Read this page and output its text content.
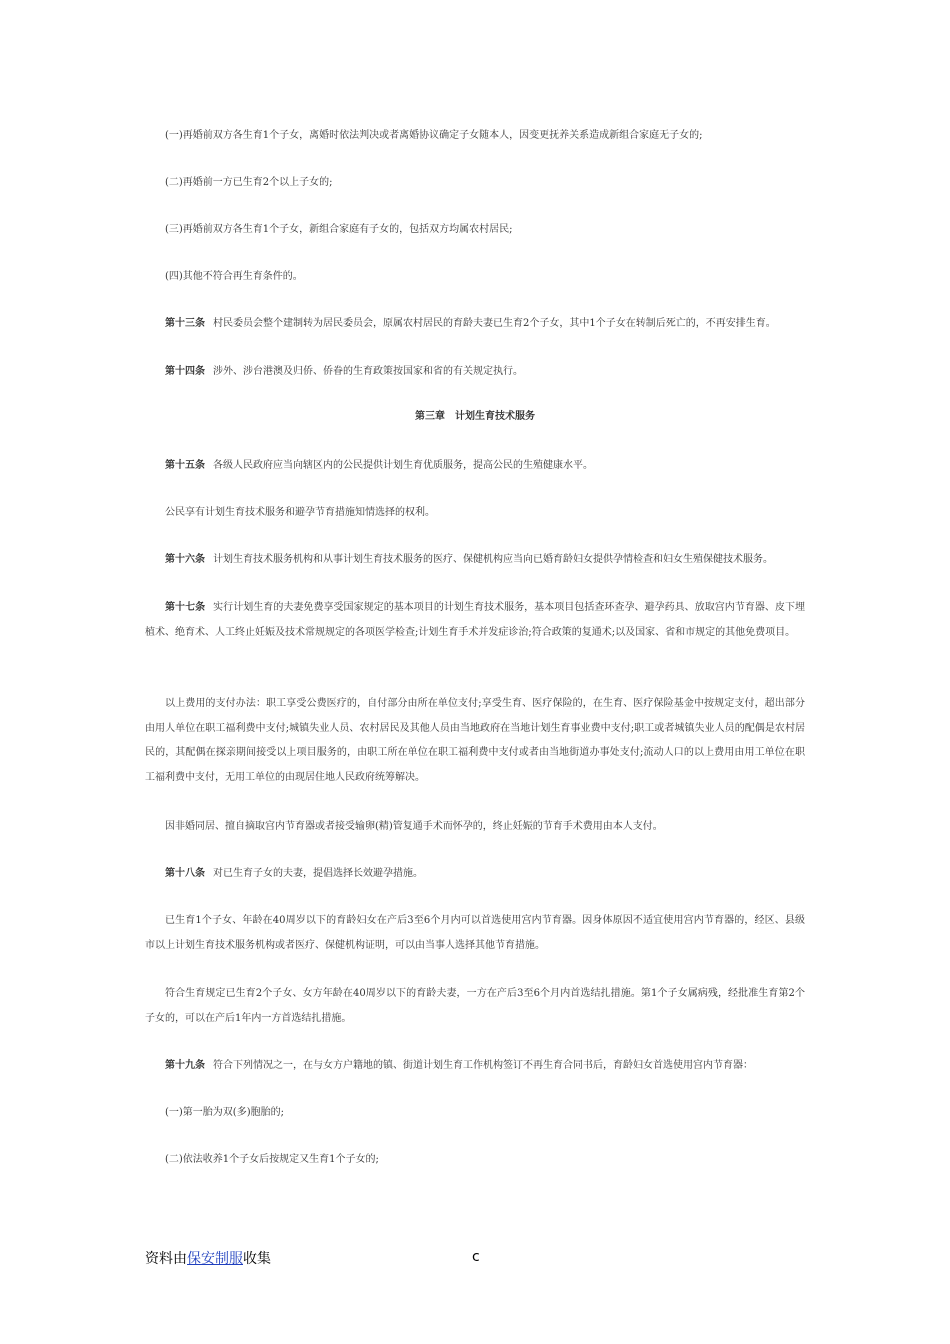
(一)再婚前双方各生育1个子女，离婚时依法判决或者离婚协议确定子女随本人，因变更抚养关系造成新组合家庭无子女的;

(二)再婚前一方已生育2个以上子女的;

(三)再婚前双方各生育1个子女，新组合家庭有子女的，包括双方均属农村居民;

(四)其他不符合再生育条件的。

第十三条 村民委员会整个建制转为居民委员会，原属农村居民的育龄夫妻已生育2个子女，其中1个子女在转制后死亡的，不再安排生育。

第十四条 涉外、涉台港澳及归侨、侨眷的生育政策按国家和省的有关规定执行。

第三章　计划生育技术服务

第十五条 各级人民政府应当向辖区内的公民提供计划生育优质服务，提高公民的生殖健康水平。

公民享有计划生育技术服务和避孕节育措施知情选择的权利。

第十六条 计划生育技术服务机构和从事计划生育技术服务的医疗、保健机构应当向已婚育龄妇女提供孕情检查和妇女生殖保健技术服务。

第十七条 实行计划生育的夫妻免费享受国家规定的基本项目的计划生育技术服务，基本项目包括查环查孕、避孕药具、放取宫内节育器、皮下埋植术、绝育术、人工终止妊娠及技术常规规定的各项医学检查;计划生育手术并发症诊治;符合政策的复通术;以及国家、省和市规定的其他免费项目。

以上费用的支付办法：职工享受公费医疗的，自付部分由所在单位支付;享受生育、医疗保险的，在生育、医疗保险基金中按规定支付，超出部分由用人单位在职工福利费中支付;城镇失业人员、农村居民及其他人员由当地政府在当地计划生育事业费中支付;职工或者城镇失业人员的配偶是农村居民的，其配偶在探亲期间接受以上项目服务的，由职工所在单位在职工福利费中支付或者由当地街道办事处支付;流动人口的以上费用由用工单位在职工福利费中支付，无用工单位的由现居住地人民政府统筹解决。

因非婚同居、擅自摘取宫内节育器或者接受输卵(精)管复通手术而怀孕的，终止妊娠的节育手术费用由本人支付。

第十八条 对已生育子女的夫妻，提倡选择长效避孕措施。

已生育1个子女、年龄在40周岁以下的育龄妇女在产后3至6个月内可以首选使用宫内节育器。因身体原因不适宜使用宫内节育器的，经区、县级市以上计划生育技术服务机构或者医疗、保健机构证明，可以由当事人选择其他节育措施。

符合生育规定已生育2个子女、女方年龄在40周岁以下的育龄夫妻，一方在产后3至6个月内首选结扎措施。第1个子女属病残，经批准生育第2个子女的，可以在产后1年内一方首选结扎措施。

第十九条 符合下列情况之一，在与女方户籍地的镇、街道计划生育工作机构签订不再生育合同书后，育龄妇女首选使用宫内节育器：

(一)第一胎为双(多)胞胎的;

(二)依法收养1个子女后按规定又生育1个子女的;

资料由保安制服收集	c
